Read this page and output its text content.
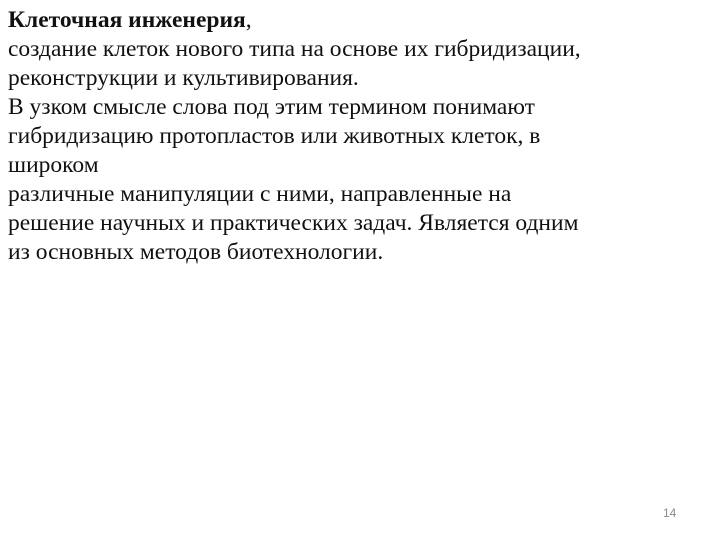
Клеточная инженерия,
создание клеток нового типа на основе их гибридизации,
реконструкции и культивирования.
В узком смысле слова под этим термином понимают
гибридизацию протопластов или животных клеток, в
широком
различные манипуляции с ними, направленные на
решение научных и практических задач. Является одним
из основных методов биотехнологии.
14
